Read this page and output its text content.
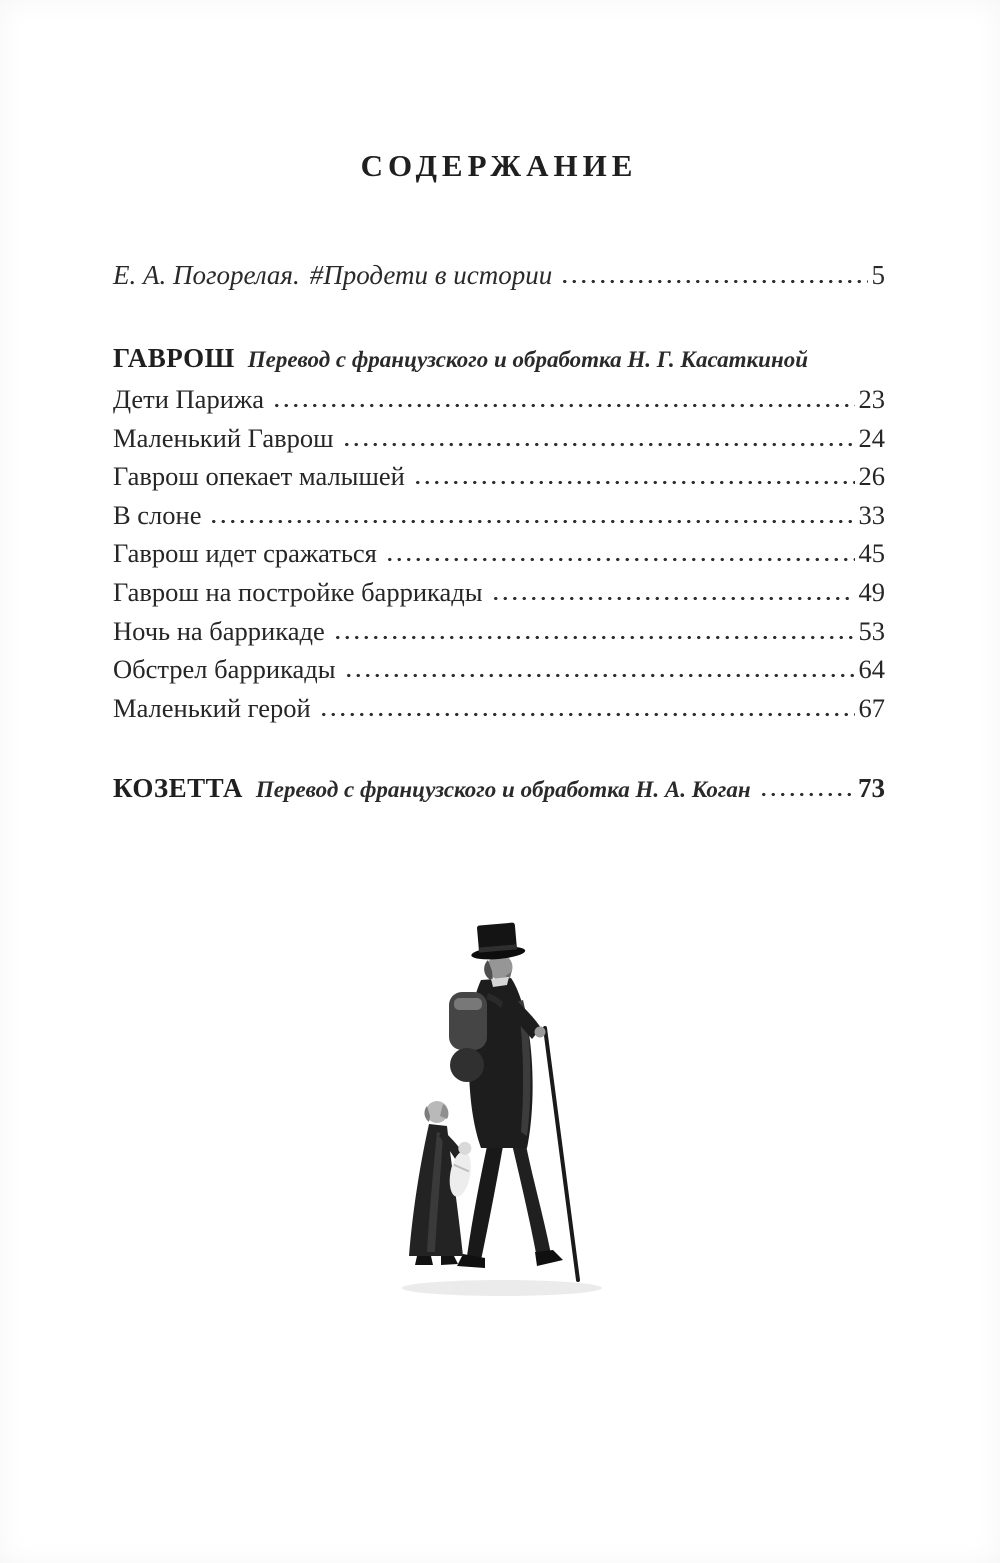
СОДЕРЖАНИЕ
Е. А. Погорелая. #Продети в истории	5
ГАВРОШ Перевод с французского и обработка Н. Г. Касаткиной
Дети Парижа	23
Маленький Гаврош	24
Гаврош опекает малышей	26
В слоне	33
Гаврош идет сражаться	45
Гаврош на постройке баррикады	49
Ночь на баррикаде	53
Обстрел баррикады	64
Маленький герой	67
КОЗЕТТА Перевод с французского и обработка Н. А. Коган	73
